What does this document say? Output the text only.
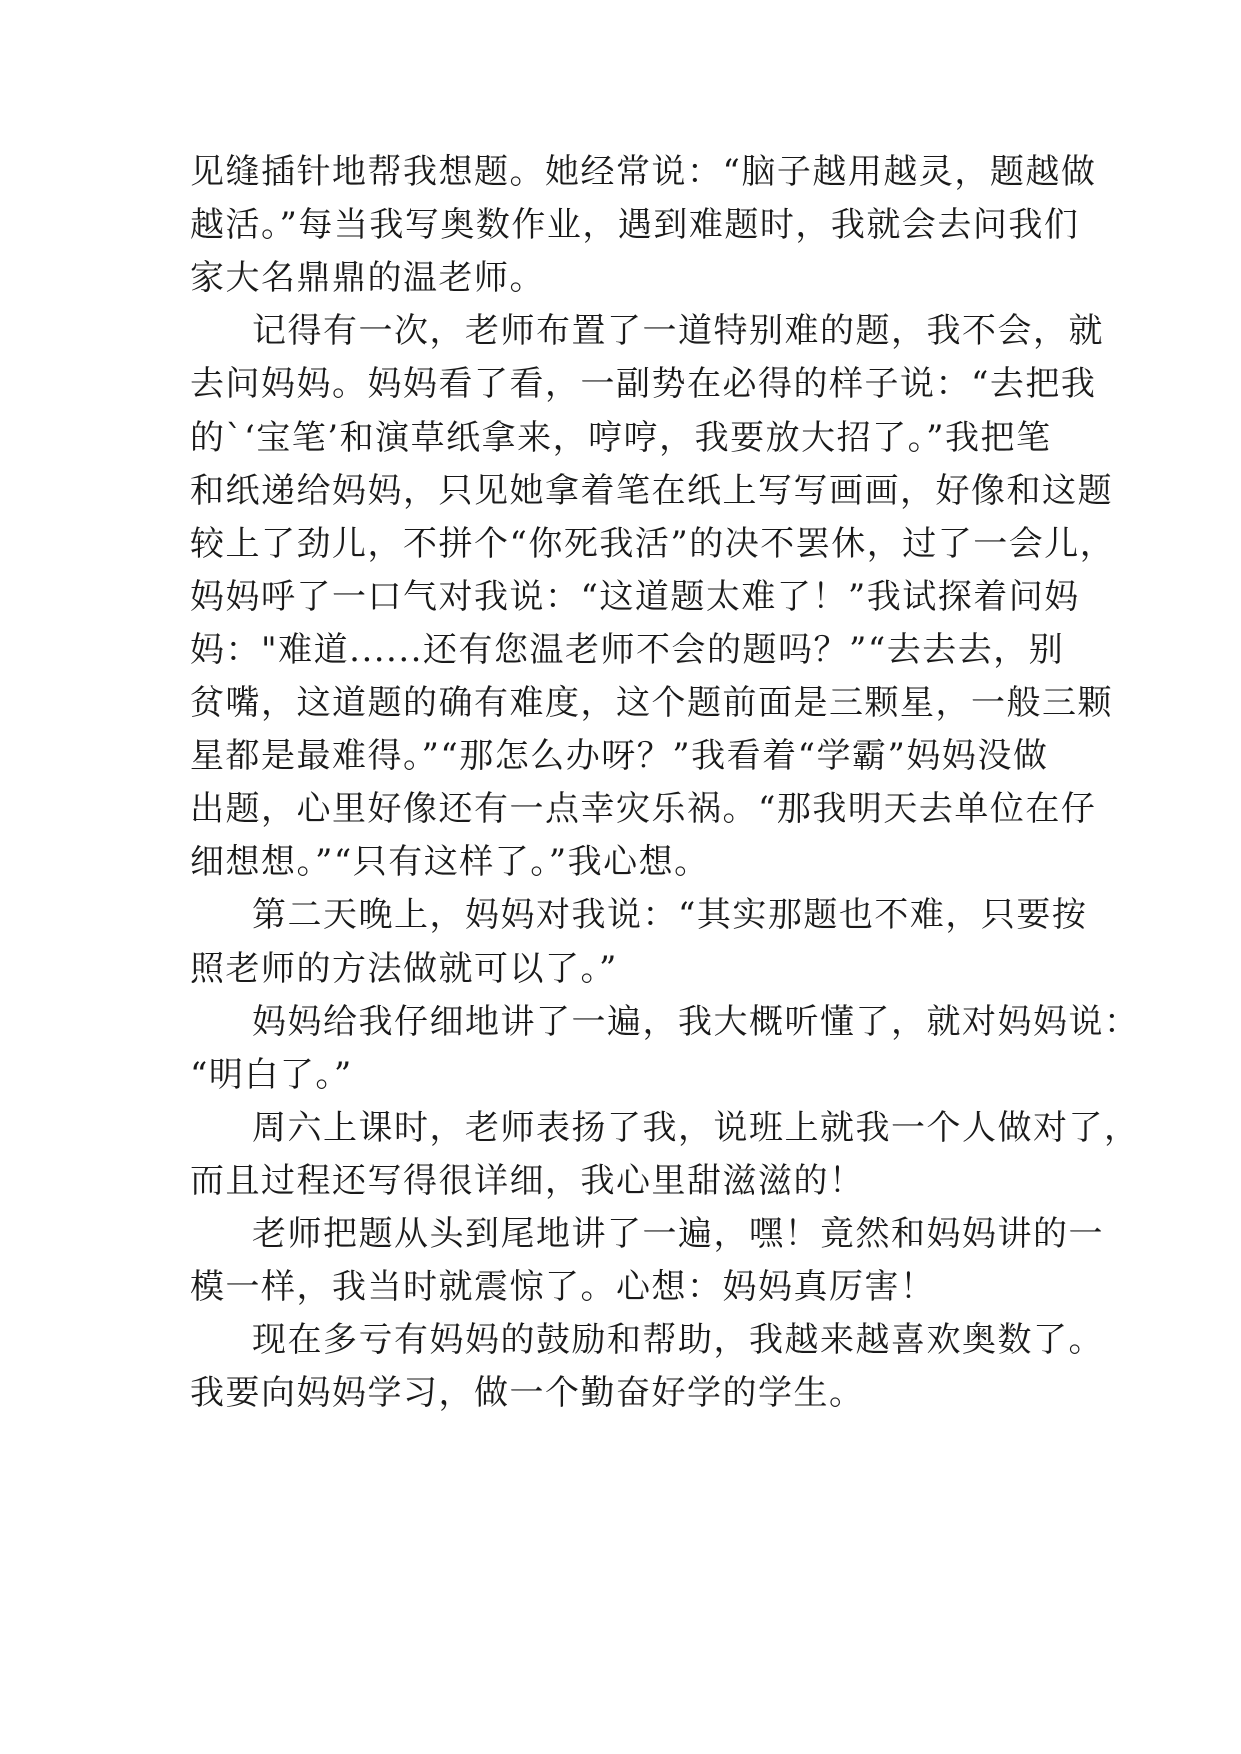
见缝插针地帮我想题。她经常说：“脑子越用越灵，题越做
越活。”每当我写奥数作业，遇到难题时，我就会去问我们
家大名鼎鼎的温老师。
记得有一次，老师布置了一道特别难的题，我不会，就
去问妈妈。妈妈看了看，一副势在必得的样子说：“去把我
的`‘宝笔’和演草纸拿来，哼哼，我要放大招了。”我把笔
和纸递给妈妈，只见她拿着笔在纸上写写画画，好像和这题
较上了劲儿，不拼个“你死我活”的决不罢休，过了一会儿，
妈妈呼了一口气对我说：“这道题太难了！”我试探着问妈
妈："难道......还有您温老师不会的题吗？”“去去去，别
贫嘴，这道题的确有难度，这个题前面是三颗星，一般三颗
星都是最难得。”“那怎么办呀？”我看着“学霸”妈妈没做
出题，心里好像还有一点幸灾乐祸。“那我明天去单位在仔
细想想。”“只有这样了。”我心想。
第二天晚上，妈妈对我说：“其实那题也不难，只要按
照老师的方法做就可以了。”
妈妈给我仔细地讲了一遍，我大概听懂了，就对妈妈说：
“明白了。”
周六上课时，老师表扬了我，说班上就我一个人做对了，
而且过程还写得很详细，我心里甜滋滋的！
老师把题从头到尾地讲了一遍，嘿！竟然和妈妈讲的一
模一样，我当时就震惊了。心想：妈妈真厉害！
现在多亏有妈妈的鼓励和帮助，我越来越喜欢奥数了。
我要向妈妈学习，做一个勤奋好学的学生。
